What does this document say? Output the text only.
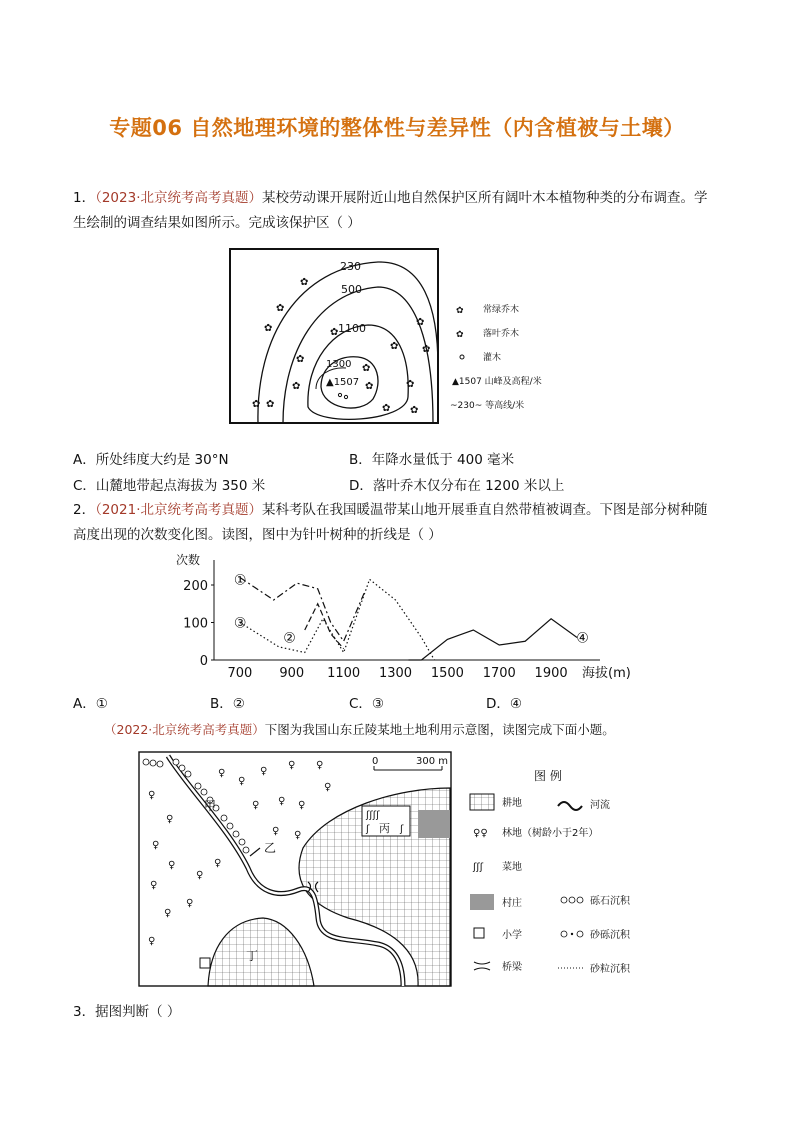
专题06 自然地理环境的整体性与差异性（内含植被与土壤）
1．（2023·北京统考高考真题）某校劳动课开展附近山地自然保护区所有阔叶木本植物种类的分布调查。学
生绘制的调查结果如图所示。完成该保护区（ ）
230
500
1100
1300
▲1507
✿
✿
✿
✿
✿
✿
✿
✿
✿ ✿
✿
✿ ✿
✿
✿
✿
✿ 常绿乔木
✿ 落叶乔木
灌木
▲1507 山峰及高程/米
~230~ 等高线/米
A．所处纬度大约是 30°N	B．年降水量低于 400 毫米
C．山麓地带起点海拔为 350 米	D．落叶乔木仅分布在 1200 米以上
2．（2021·北京统考高考真题）某科考队在我国暖温带某山地开展垂直自然带植被调查。下图是部分树种随
高度出现的次数变化图。读图，图中为针叶树种的折线是（ ）
次数
0
100
200
700 900 1100 1300 1500 1700 1900 海拔(m)
①
②
③
④
A．①	B．②	C．③	D．④
（2022·北京统考高考真题）下图为我国山东丘陵某地土地利用示意图，读图完成下面小题。
ʃʃʃʃ
ʃ	ʃ
丙
丁
乙
♀
♀
♀
♀
♀
♀
♀
♀
♀
♀
♀
♀
♀ ♀
♀ ♀ ♀
♀ ♀
♀
♀
甲
0	300 m
图 例
耕地
♀♀ 林地（树龄小于2年）
ʃʃʃ 菜地
村庄
小学
桥梁
河流
砾石沉积
砂砾沉积
砂粒沉积
3．据图判断（ ）
